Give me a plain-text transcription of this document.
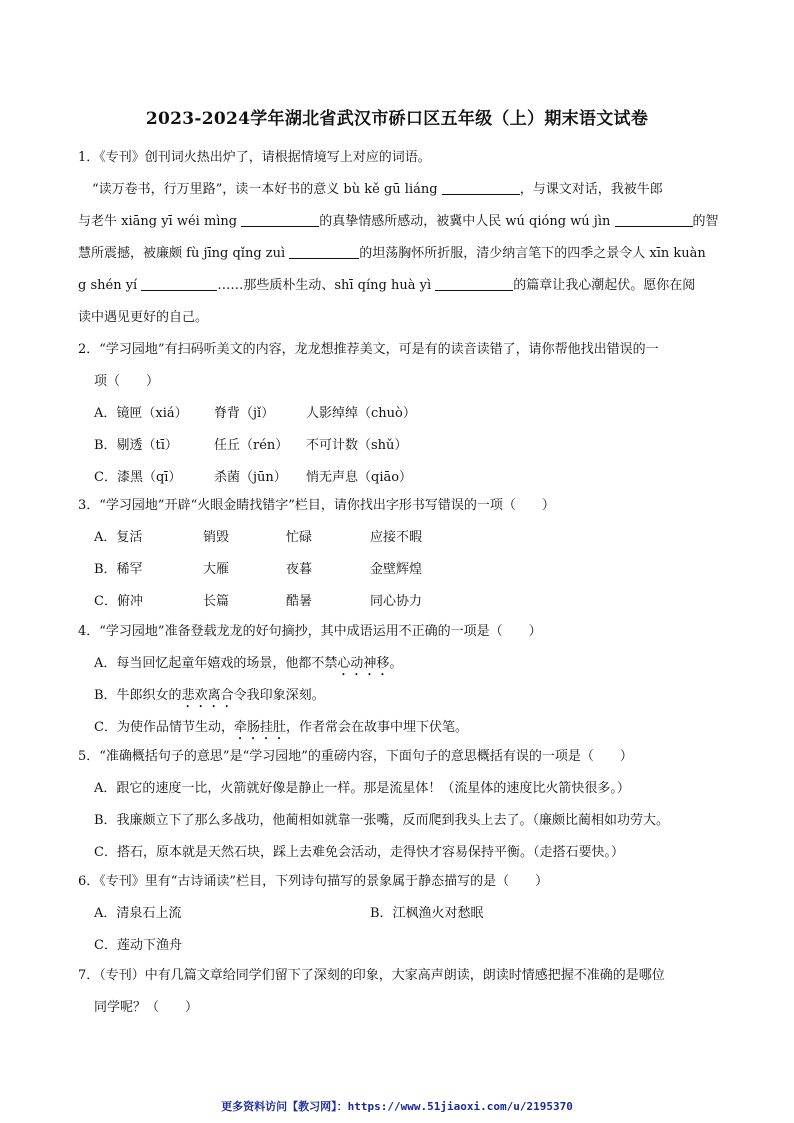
2023-2024学年湖北省武汉市硚口区五年级（上）期末语文试卷
1．《专刊》创刊词火热出炉了，请根据情境写上对应的词语。
“读万卷书，行万里路”，读一本好书的意义 bù kě gū liáng	，与课文对话，我被牛郎
与老牛 xiāng yī wéi mìng	的真挚情感所感动，被冀中人民 wú qióng wú jìn	的智
慧所震撼，被廉颇 fù jīng qǐng zuì	的坦荡胸怀所折服，清少纳言笔下的四季之景令人 xīn kuàn
g shén yí	……那些质朴生动、shī qíng huà yì	的篇章让我心潮起伏。愿你在阅
读中遇见更好的自己。
2．“学习园地”有扫码听美文的内容，龙龙想推荐美文，可是有的读音读错了，请你帮他找出错误的一
项（　　）
A．镜匣（xiá） 脊背（jǐ） 人影绰绰（chuò）
B．剔透（tī）	任丘（rén） 不可计数（shǔ）
C．漆黑（qī）	杀菌（jūn） 悄无声息（qiāo）
3．“学习园地”开辟“火眼金睛找错字”栏目，请你找出字形书写错误的一项（　　）
A．复活	销毁	忙碌	应接不暇
B．稀罕	大雁	夜暮	金壁辉煌
C．俯冲	长篇	酷暑	同心协力
4．“学习园地”准备登载龙龙的好句摘抄，其中成语运用不正确的一项是（　　）
A．每当回忆起童年嬉戏的场景，他都不禁心动神移。
B．牛郎织女的悲欢离合令我印象深刻。
C．为使作品情节生动，牵肠挂肚，作者常会在故事中埋下伏笔。
5．“准确概括句子的意思”是“学习园地”的重磅内容，下面句子的意思概括有误的一项是（　　）
A．跟它的速度一比，火箭就好像是静止一样。那是流星体！（流星体的速度比火箭快很多。）
B．我廉颇立下了那么多战功，他蔺相如就靠一张嘴，反而爬到我头上去了。（廉颇比蔺相如功劳大。
C．搭石，原本就是天然石块，踩上去难免会活动，走得快才容易保持平衡。（走搭石要快。）
6．《专刊》里有“古诗诵读”栏目，下列诗句描写的景象属于静态描写的是（　　）
A．清泉石上流	B．江枫渔火对愁眠
C．莲动下渔舟
7．（专刊）中有几篇文章给同学们留下了深刻的印象，大家高声朗读，朗读时情感把握不准确的是哪位
同学呢？（　　）
更多资料访问【教习网】：https://www.51jiaoxi.com/u/2195370
